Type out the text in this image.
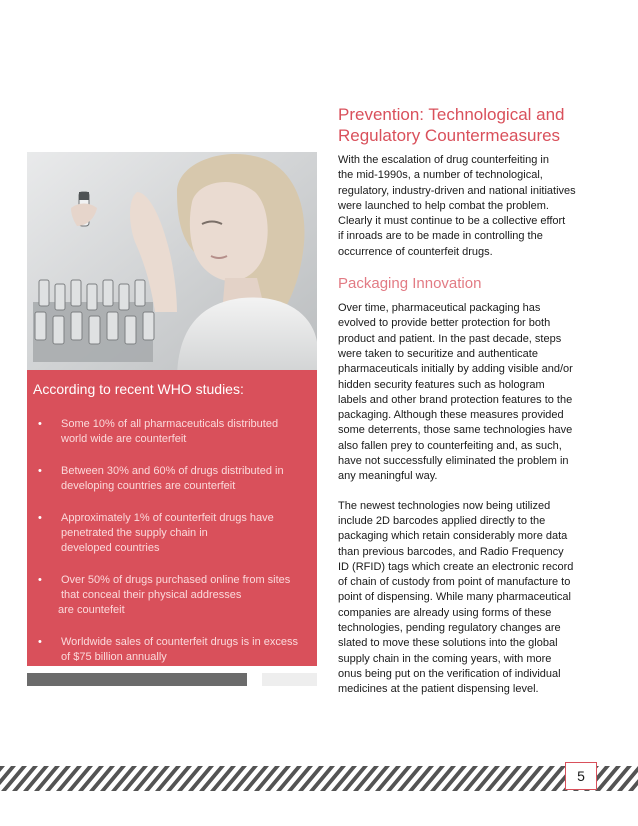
According to recent WHO studies:
• Some 10% of all pharmaceuticals distributed
world wide are counterfeit
• Between 30% and 60% of drugs distributed in
developing countries are counterfeit
• Approximately 1% of counterfeit drugs have
penetrated the supply chain in
developed countries
• Over 50% of drugs purchased online from sites
that conceal their physical addresses
are countefeit
• Worldwide sales of counterfeit drugs is in excess
of $75 billion annually
Prevention: Technological and
Regulatory Countermeasures

With the escalation of drug counterfeiting in
the mid-1990s, a number of technological,
regulatory, industry-driven and national initiatives
were launched to help combat the problem.
Clearly it must continue to be a collective effort
if inroads are to be made in controlling the
occurrence of counterfeit drugs.

Packaging Innovation

Over time, pharmaceutical packaging has
evolved to provide better protection for both
product and patient. In the past decade, steps
were taken to securitize and authenticate
pharmaceuticals initially by adding visible and/or
hidden security features such as hologram
labels and other brand protection features to the
packaging. Although these measures provided
some deterrents, those same technologies have
also fallen prey to counterfeiting and, as such,
have not successfully eliminated the problem in
any meaningful way.

The newest technologies now being utilized
include 2D barcodes applied directly to the
packaging which retain considerably more data
than previous barcodes, and Radio Frequency
ID (RFID) tags which create an electronic record
of chain of custody from point of manufacture to
point of dispensing. While many pharmaceutical
companies are already using forms of these
technologies, pending regulatory changes are
slated to move these solutions into the global
supply chain in the coming years, with more
onus being put on the verification of individual
medicines at the patient dispensing level.

5
